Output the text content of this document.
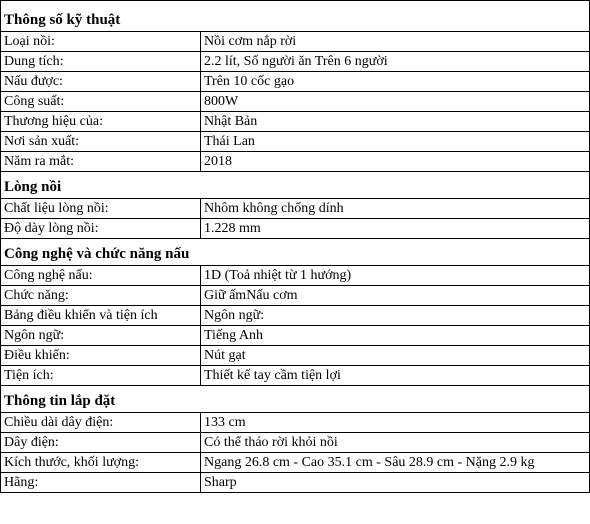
Thông số kỹ thuật	
Loại nồi:	Nồi cơm nắp rời
Dung tích:	2.2 lít, Số người ăn Trên 6 người
Nấu được:	Trên 10 cốc gạo
Công suất:	800W
Thương hiệu của:	Nhật Bản
Nơi sản xuất:	Thái Lan
Năm ra mắt:	2018
Lòng nồi	
Chất liệu lòng nồi:	Nhôm không chống dính
Độ dày lòng nồi:	1.228 mm
Công nghệ và chức năng nấu	
Công nghệ nấu:	1D (Toả nhiệt từ 1 hướng)
Chức năng:	Giữ ấmNấu cơm
Bảng điều khiển và tiện ích	Ngôn ngữ:
Ngôn ngữ:	Tiếng Anh
Điều khiển:	Nút gạt
Tiện ích:	Thiết kế tay cầm tiện lợi
Thông tin lắp đặt	
Chiều dài dây điện:	133 cm
Dây điện:	Có thể tháo rời khỏi nồi
Kích thước, khối lượng:	Ngang 26.8 cm - Cao 35.1 cm - Sâu 28.9 cm - Nặng 2.9 kg
Hãng:	Sharp
